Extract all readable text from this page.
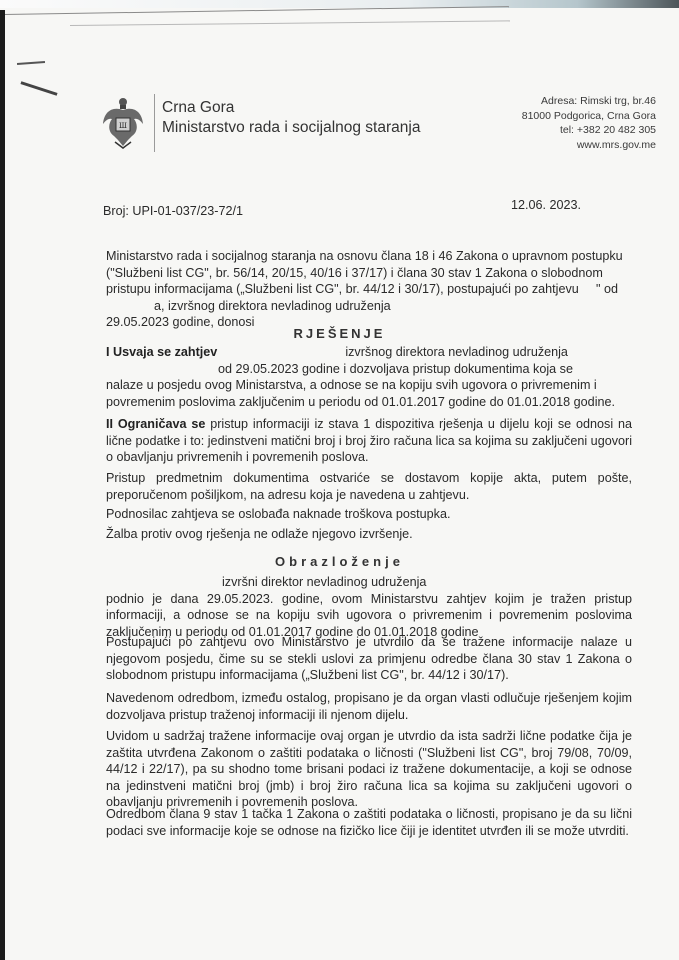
Ш
Crna Gora
Ministarstvo rada i socijalnog staranja
Adresa: Rimski trg, br.46
81000 Podgorica, Crna Gora
tel: +382 20 482 305
www.mrs.gov.me
Broj: UPI-01-037/23-72/1	12.06. 2023.
Ministarstvo rada i socijalnog staranja na osnovu člana 18 i 46 Zakona o upravnom postupku
("Službeni list CG", br. 56/14, 20/15, 40/16 i 37/17) i člana 30 stav 1 Zakona o slobodnom
pristupu informacijama („Službeni list CG", br. 44/12 i 30/17), postupajući po zahtjevu " od
a, izvršnog direktora nevladinog udruženja
29.05.2023 godine, donosi
RJEŠENJE
I Usvaja se zahtjev	izvršnog direktora nevladinog udruženja
od 29.05.2023 godine i dozvoljava pristup dokumentima koja se
nalaze u posjedu ovog Ministarstva, a odnose se na kopiju svih ugovora o privremenim i
povremenim poslovima zaključenim u periodu od 01.01.2017 godine do 01.01.2018 godine.
II Ograničava se pristup informaciji iz stava 1 dispozitiva rješenja u dijelu koji se odnosi na lične podatke i to: jedinstveni matični broj i broj žiro računa lica sa kojima su zaključeni ugovori o obavljanju privremenih i povremenih poslova.
Pristup predmetnim dokumentima ostvariće se dostavom kopije akta, putem pošte, preporučenom pošiljkom, na adresu koja je navedena u zahtjevu.
Podnosilac zahtjeva se oslobađa naknade troškova postupka.
Žalba protiv ovog rješenja ne odlaže njegovo izvršenje.
Obrazloženje
izvršni direktor nevladinog udruženja
podnio je dana 29.05.2023. godine, ovom Ministarstvu zahtjev kojim je tražen pristup informaciji, a odnose se na kopiju svih ugovora o privremenim i povremenim poslovima zaključenim u periodu od 01.01.2017 godine do 01.01.2018 godine
Postupajući po zahtjevu ovo Ministarstvo je utvrdilo da se tražene informacije nalaze u njegovom posjedu, čime su se stekli uslovi za primjenu odredbe člana 30 stav 1 Zakona o slobodnom pristupu informacijama („Službeni list CG", br. 44/12 i 30/17).
Navedenom odredbom, između ostalog, propisano je da organ vlasti odlučuje rješenjem kojim dozvoljava pristup traženoj informaciji ili njenom dijelu.
Uvidom u sadržaj tražene informacije ovaj organ je utvrdio da ista sadrži lične podatke čija je zaštita utvrđena Zakonom o zaštiti podataka o ličnosti ("Službeni list CG", broj 79/08, 70/09, 44/12 i 22/17), pa su shodno tome brisani podaci iz tražene dokumentacije, a koji se odnose na jedinstveni matični broj (jmb) i broj žiro računa lica sa kojima su zaključeni ugovori o obavljanju privremenih i povremenih poslova.
Odredbom člana 9 stav 1 tačka 1 Zakona o zaštiti podataka o ličnosti, propisano je da su lični podaci sve informacije koje se odnose na fizičko lice čiji je identitet utvrđen ili se može utvrditi.
